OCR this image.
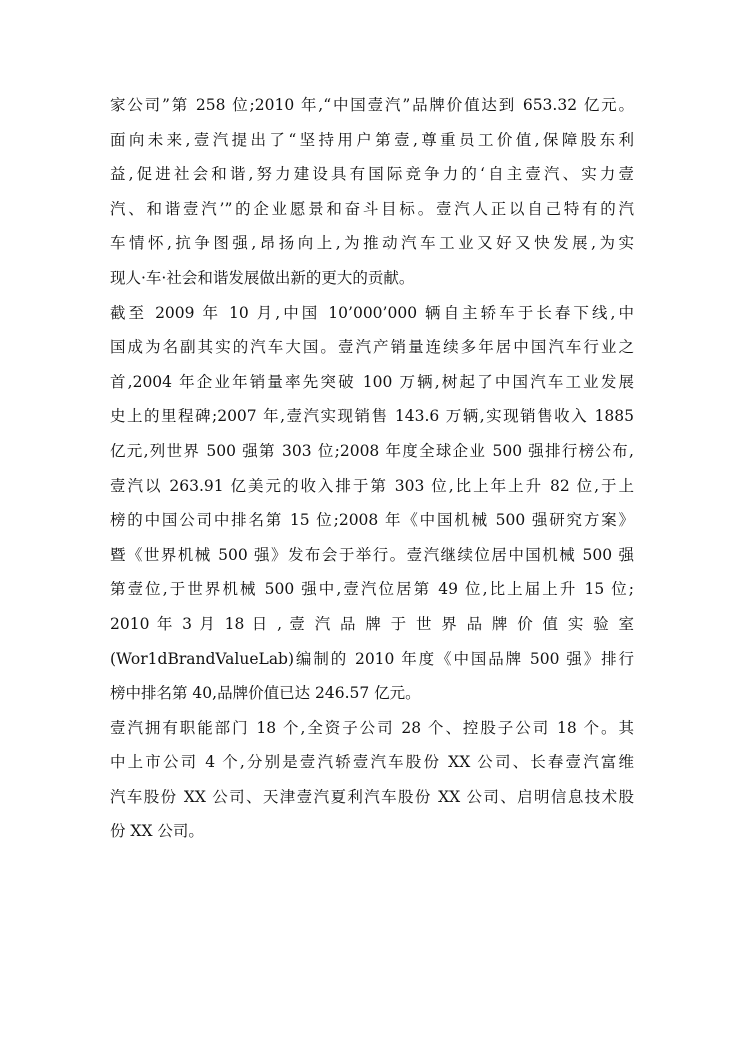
家公司”第 258 位;2010 年,“中国壹汽”品牌价值达到 653.32 亿元。
面向未来,壹汽提出了“坚持用户第壹,尊重员工价值,保障股东利
益,促进社会和谐,努力建设具有国际竞争力的‘自主壹汽、实力壹
汽、和谐壹汽’”的企业愿景和奋斗目标。壹汽人正以自己特有的汽
车情怀,抗争图强,昂扬向上,为推动汽车工业又好又快发展,为实
现人·车·社会和谐发展做出新的更大的贡献。
截至 2009 年 10 月,中国 10’000’000 辆自主轿车于长春下线,中
国成为名副其实的汽车大国。壹汽产销量连续多年居中国汽车行业之
首,2004 年企业年销量率先突破 100 万辆,树起了中国汽车工业发展
史上的里程碑;2007 年,壹汽实现销售 143.6 万辆,实现销售收入 1885
亿元,列世界 500 强第 303 位;2008 年度全球企业 500 强排行榜公布,
壹汽以 263.91 亿美元的收入排于第 303 位,比上年上升 82 位,于上
榜的中国公司中排名第 15 位;2008 年《中国机械 500 强研究方案》
暨《世界机械 500 强》发布会于举行。壹汽继续位居中国机械 500 强
第壹位,于世界机械 500 强中,壹汽位居第 49 位,比上届上升 15 位;
2010 年 3 月 18 日 , 壹 汽 品 牌 于 世 界 品 牌 价 值 实 验 室
(Wor1dBrandValueLab)编制的 2010 年度《中国品牌 500 强》排行
榜中排名第 40,品牌价值已达 246.57 亿元。
壹汽拥有职能部门 18 个,全资子公司 28 个、控股子公司 18 个。其
中上市公司 4 个,分别是壹汽轿壹汽车股份 XX 公司、长春壹汽富维
汽车股份 XX 公司、天津壹汽夏利汽车股份 XX 公司、启明信息技术股
份 XX 公司。
